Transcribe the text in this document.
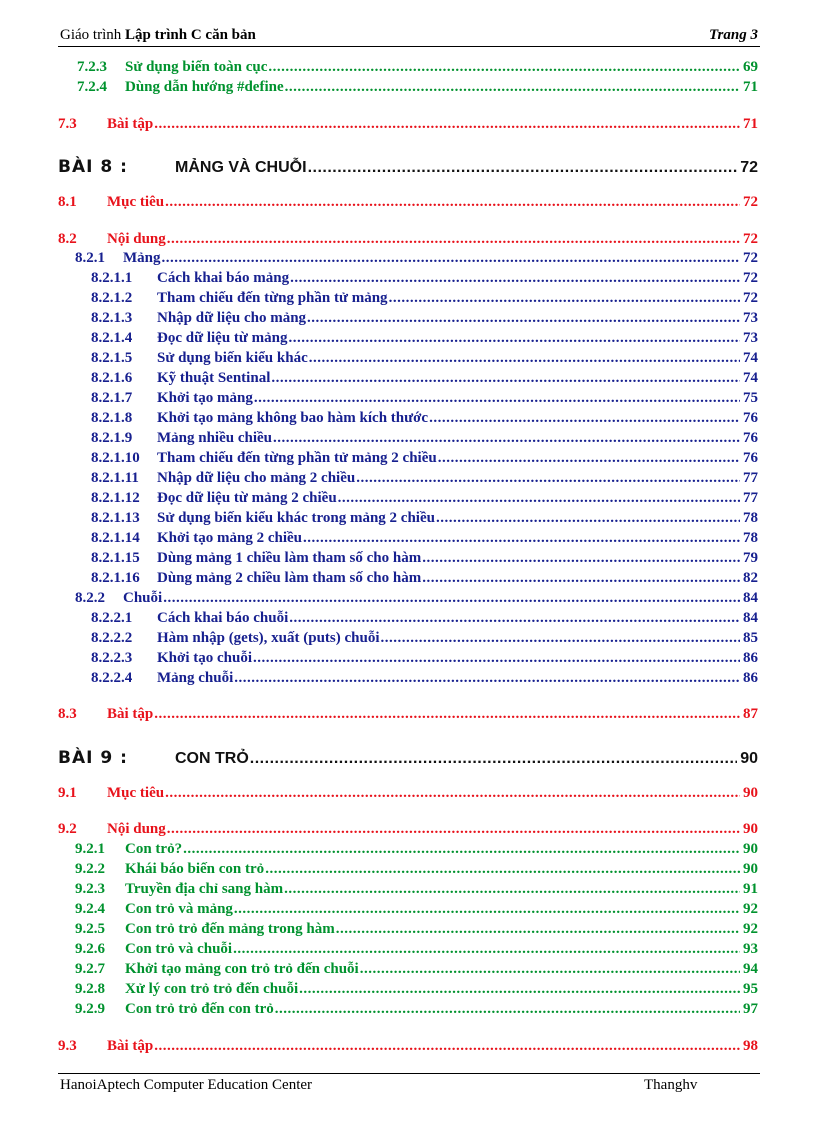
Giáo trình Lập trình C căn bản	Trang 3
7.2.3	Sử dụng biến toàn cục .....	69
7.2.4	Dùng dẫn hướng #define .....	71
7.3	Bài tập .....	71
BÀI 8 :	MẢNG VÀ CHUỖI .....	72
8.1	Mục tiêu .....	72
8.2	Nội dung .....	72
8.2.1	Mảng .....	72
8.2.1.1	Cách khai báo mảng .....	72
8.2.1.2	Tham chiếu đến từng phần tử mảng .....	72
8.2.1.3	Nhập dữ liệu cho mảng .....	73
8.2.1.4	Đọc dữ liệu từ mảng .....	73
8.2.1.5	Sử dụng biến kiểu khác .....	74
8.2.1.6	Kỹ thuật Sentinal .....	74
8.2.1.7	Khởi tạo mảng .....	75
8.2.1.8	Khởi tạo mảng không bao hàm kích thước .....	76
8.2.1.9	Mảng nhiều chiều .....	76
8.2.1.10	Tham chiếu đến từng phần tử mảng 2 chiều .....	76
8.2.1.11	Nhập dữ liệu cho mảng 2 chiều .....	77
8.2.1.12	Đọc dữ liệu từ mảng 2 chiều .....	77
8.2.1.13	Sử dụng biến kiểu khác trong mảng 2 chiều .....	78
8.2.1.14	Khởi tạo mảng 2 chiều .....	78
8.2.1.15	Dùng mảng 1 chiều làm tham số cho hàm .....	79
8.2.1.16	Dùng mảng 2 chiều làm tham số cho hàm .....	82
8.2.2	Chuỗi .....	84
8.2.2.1	Cách khai báo chuỗi .....	84
8.2.2.2	Hàm nhập (gets), xuất (puts) chuỗi .....	85
8.2.2.3	Khởi tạo chuỗi .....	86
8.2.2.4	Mảng chuỗi .....	86
8.3	Bài tập .....	87
BÀI 9 :	CON TRỎ .....	90
9.1	Mục tiêu .....	90
9.2	Nội dung .....	90
9.2.1	Con trỏ? .....	90
9.2.2	Khái báo biến con trỏ .....	90
9.2.3	Truyền địa chỉ sang hàm .....	91
9.2.4	Con trỏ và mảng .....	92
9.2.5	Con trỏ trỏ đến mảng trong hàm .....	92
9.2.6	Con trỏ và chuỗi .....	93
9.2.7	Khởi tạo mảng con trỏ trỏ đến chuỗi .....	94
9.2.8	Xử lý con trỏ trỏ đến chuỗi .....	95
9.2.9	Con trỏ trỏ đến con trỏ .....	97
9.3	Bài tập .....	98
HanoiAptech Computer Education Center	Thanghv
